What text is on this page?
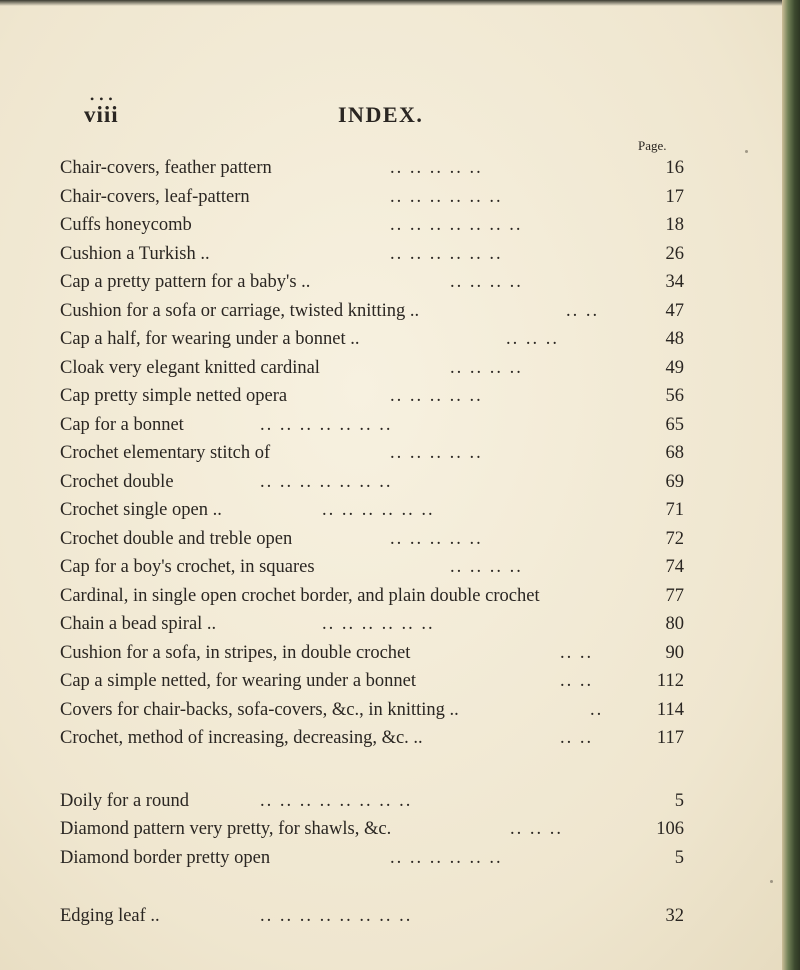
• • •
viii	INDEX.
Page.
Chair-covers, feather pattern	.. .. .. .. ..	16
Chair-covers, leaf-pattern	.. .. .. .. .. ..	17
Cuffs honeycomb	.. .. .. .. .. .. ..	18
Cushion a Turkish ..	.. .. .. .. .. ..	26
Cap a pretty pattern for a baby's ..	.. .. .. ..	34
Cushion for a sofa or carriage, twisted knitting ..	.. ..	47
Cap a half, for wearing under a bonnet ..	.. .. ..	48
Cloak very elegant knitted cardinal	.. .. .. ..	49
Cap pretty simple netted opera	.. .. .. .. ..	56
Cap for a bonnet	.. .. .. .. .. .. ..	65
Crochet elementary stitch of	.. .. .. .. ..	68
Crochet double	.. .. .. .. .. .. ..	69
Crochet single open ..	.. .. .. .. .. ..	71
Crochet double and treble open	.. .. .. .. ..	72
Cap for a boy's crochet, in squares	.. .. .. ..	74
Cardinal, in single open crochet border, and plain double crochet	77
Chain a bead spiral ..	.. .. .. .. .. ..	80
Cushion for a sofa, in stripes, in double crochet	.. ..	90
Cap a simple netted, for wearing under a bonnet	.. ..	112
Covers for chair-backs, sofa-covers, &c., in knitting ..	..	114
Crochet, method of increasing, decreasing, &c. ..	.. ..	117
Doily for a round	.. .. .. .. .. .. .. ..	5
Diamond pattern very pretty, for shawls, &c.	.. .. ..	106
Diamond border pretty open	.. .. .. .. .. ..	5
Edging leaf ..	.. .. .. .. .. .. .. ..	32
